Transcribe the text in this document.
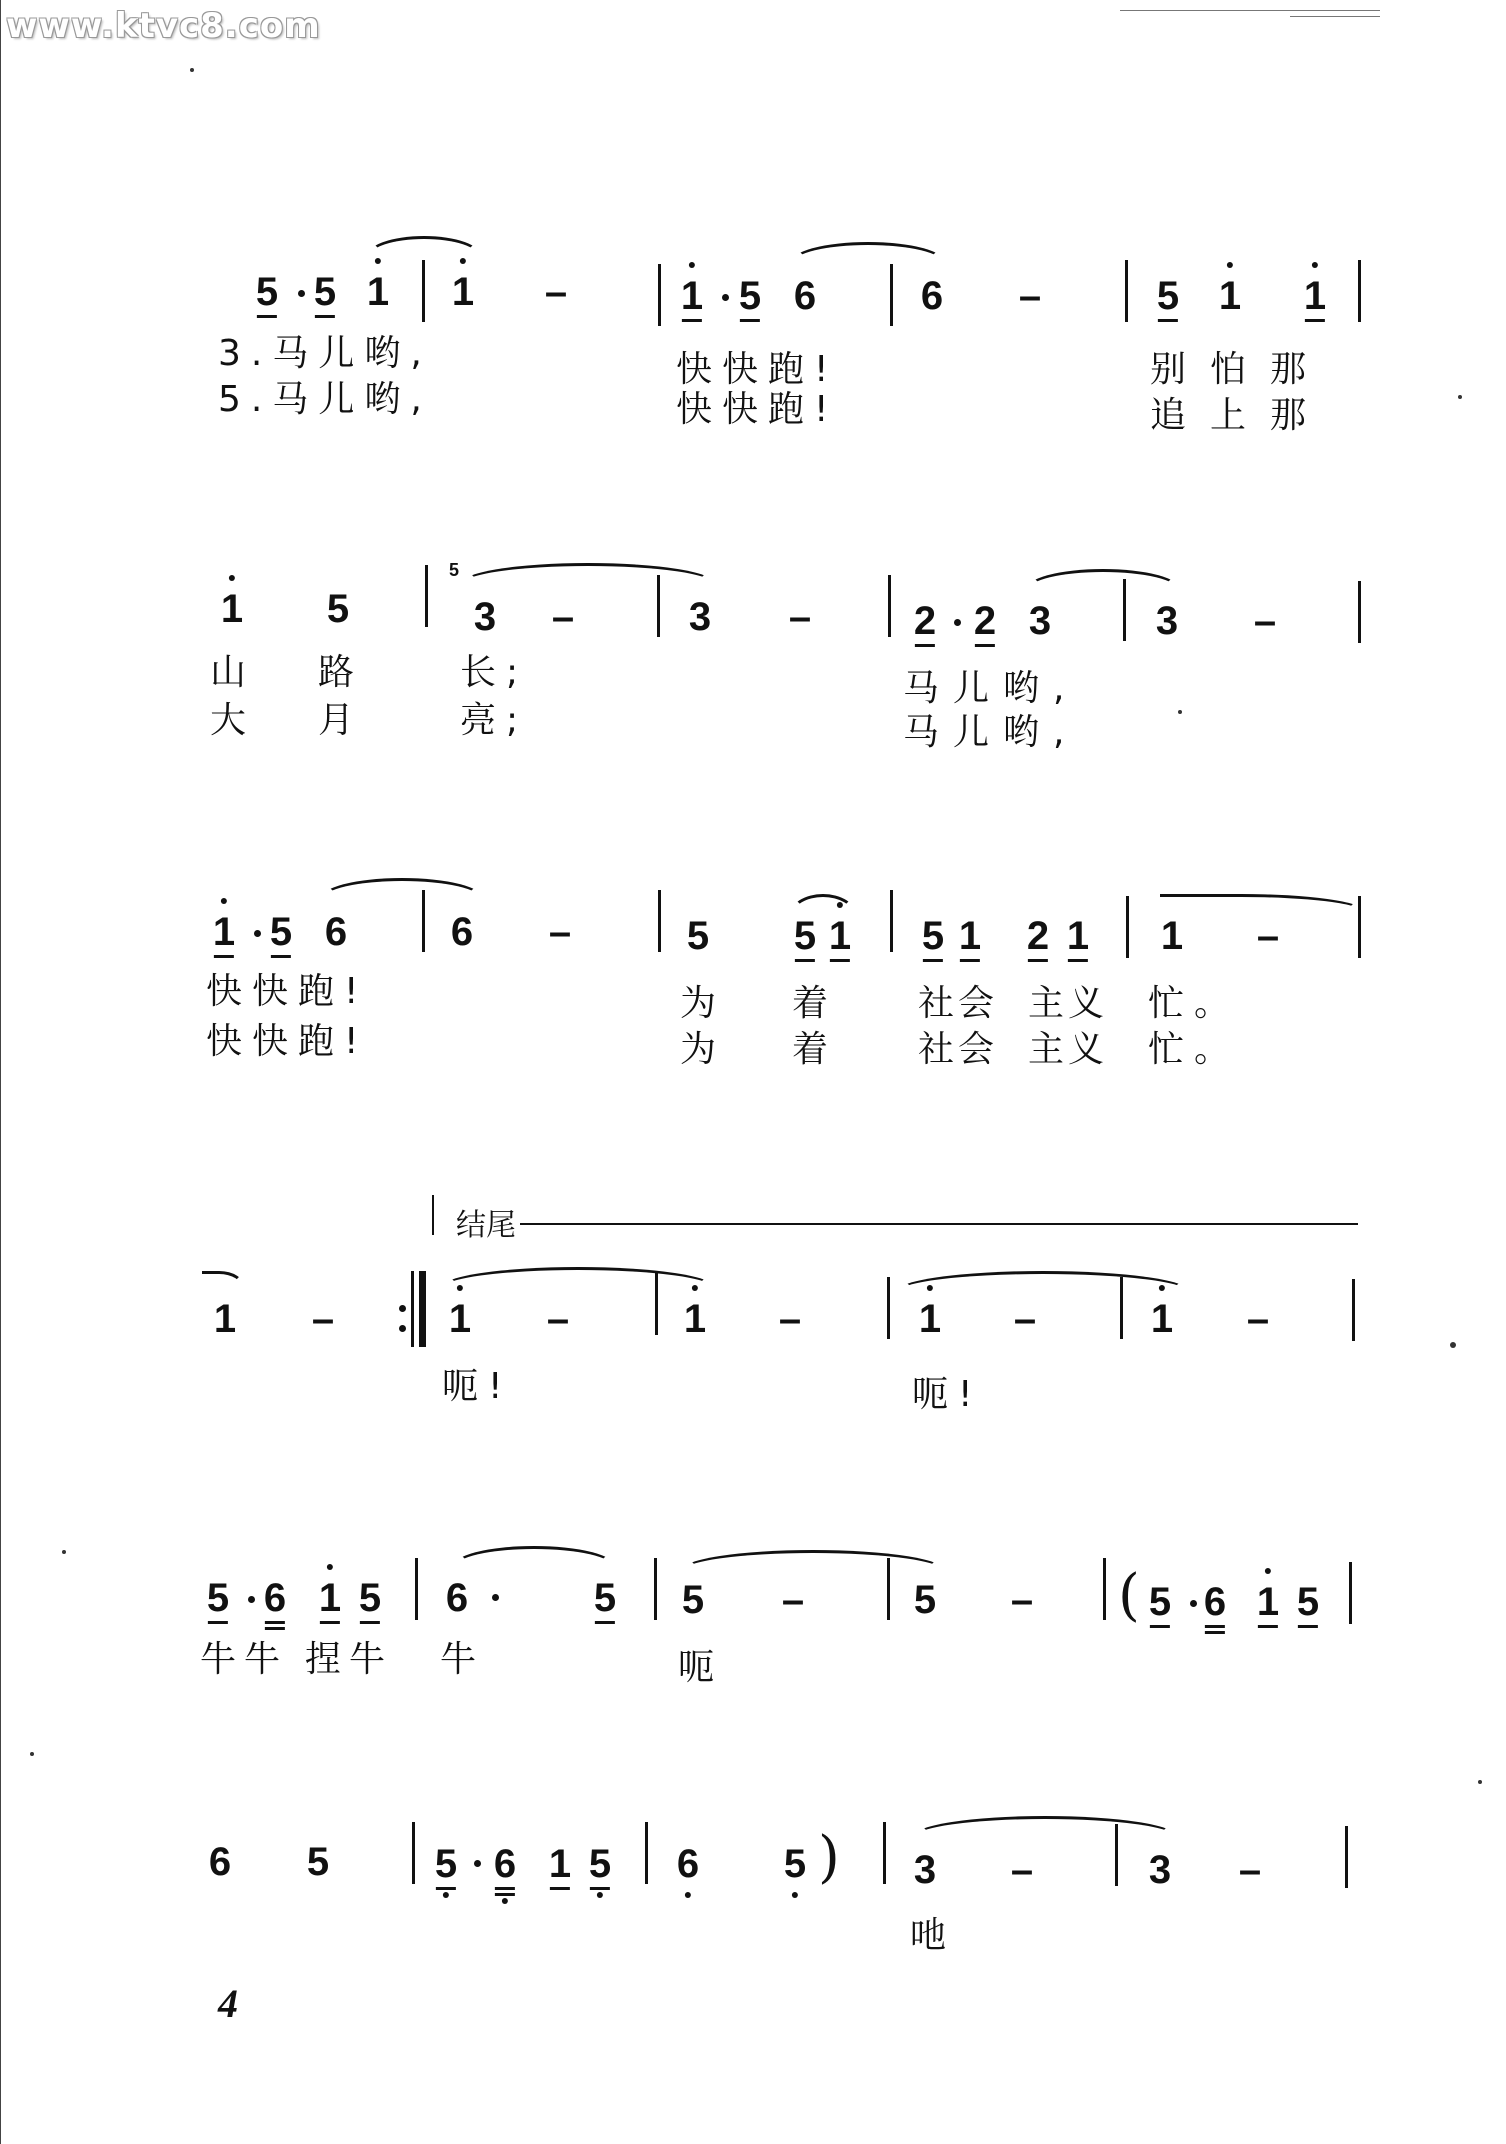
www.ktvc8.com
5 5 1 1 –	1 5 6	6 –	5 1 1
3.马儿哟,	快快跑!	别怕那
5.马儿哟,	快快跑!	追上那
5
1 5	3 –	3 –	2 2 3	3 –
山 路	长;	马儿哟,
大 月	亮;	马儿哟,
1 5 6	6 –	5 5 1 5 1 2 1 1 –
快快跑!	为 着 社会 主义 忙。
快快跑!	为 着 社会 主义 忙。
结尾
1 –	1 –	1 –	1 –	1 –
呃!	呃!
5 6 1 5 6	5 5 –	5 – ( 5 6 1 5
牛牛 捏牛 牛	呃
6 5	5 6 1 5 6 5 ) 3 –	3 –
吔
4
